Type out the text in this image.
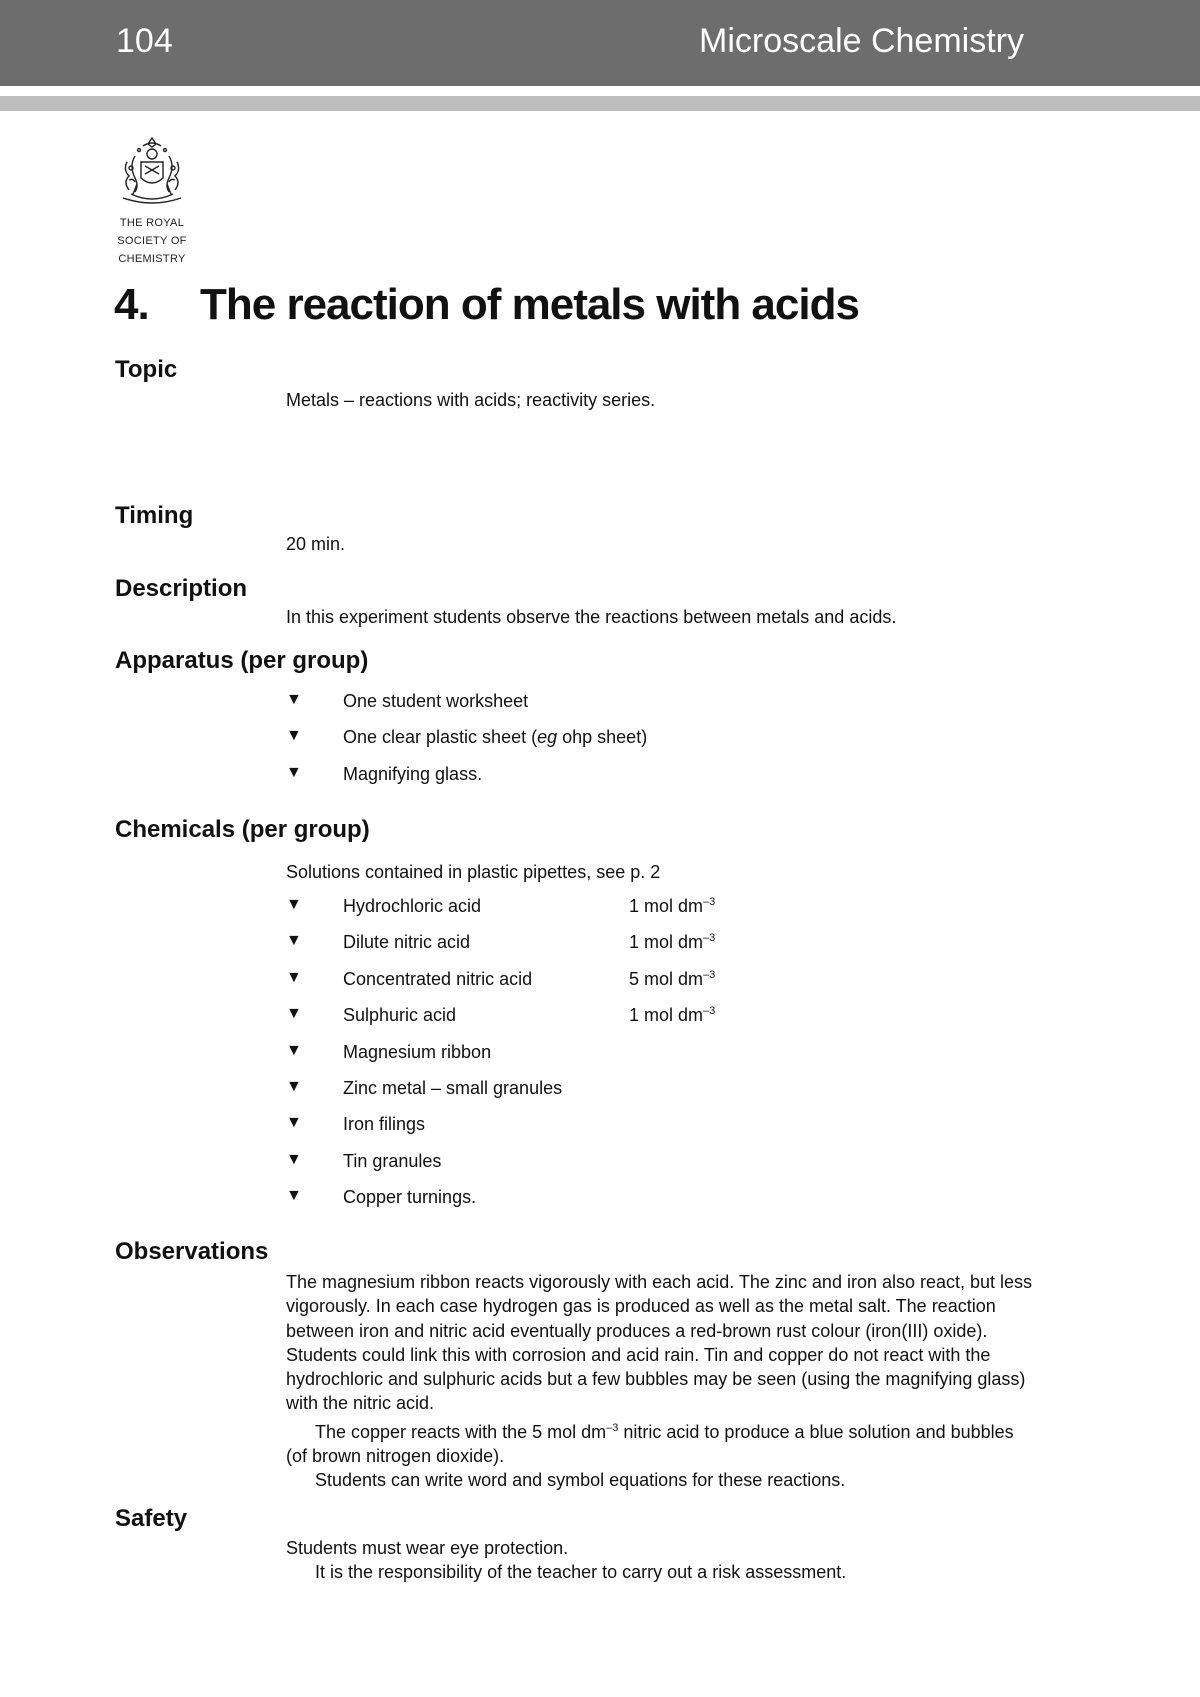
104	Microscale Chemistry
THE ROYAL
SOCIETY OF
CHEMISTRY
4. The reaction of metals with acids
Topic

Metals – reactions with acids; reactivity series.

Timing

20 min.

Description

In this experiment students observe the reactions between metals and acids.

Apparatus (per group)
▼ One student worksheet
▼ One clear plastic sheet (eg ohp sheet)
▼ Magnifying glass.
Chemicals (per group)

Solutions contained in plastic pipettes, see p. 2

▼ Hydrochloric acid	1 mol $dm^{-3}$
▼ Dilute nitric acid	1 mol $dm^{-3}$
▼ Concentrated nitric acid	5 mol $dm^{-3}$
▼ Sulphuric acid	1 mol $dm^{-3}$
▼ Magnesium ribbon
▼ Zinc metal – small granules
▼ Iron filings
▼ Tin granules
▼ Copper turnings.
Observations

The magnesium ribbon reacts vigorously with each acid. The zinc and iron also react, but less vigorously. In each case hydrogen gas is produced as well as the metal salt. The reaction between iron and nitric acid eventually produces a red-brown rust colour (iron(III) oxide). Students could link this with corrosion and acid rain. Tin and copper do not react with the hydrochloric and sulphuric acids but a few bubbles may be seen (using the magnifying glass) with the nitric acid.

The copper reacts with the 5 mol $dm^{-3}$ nitric acid to produce a blue solution and bubbles (of brown nitrogen dioxide).

Students can write word and symbol equations for these reactions.

Safety

Students must wear eye protection.

It is the responsibility of the teacher to carry out a risk assessment.
